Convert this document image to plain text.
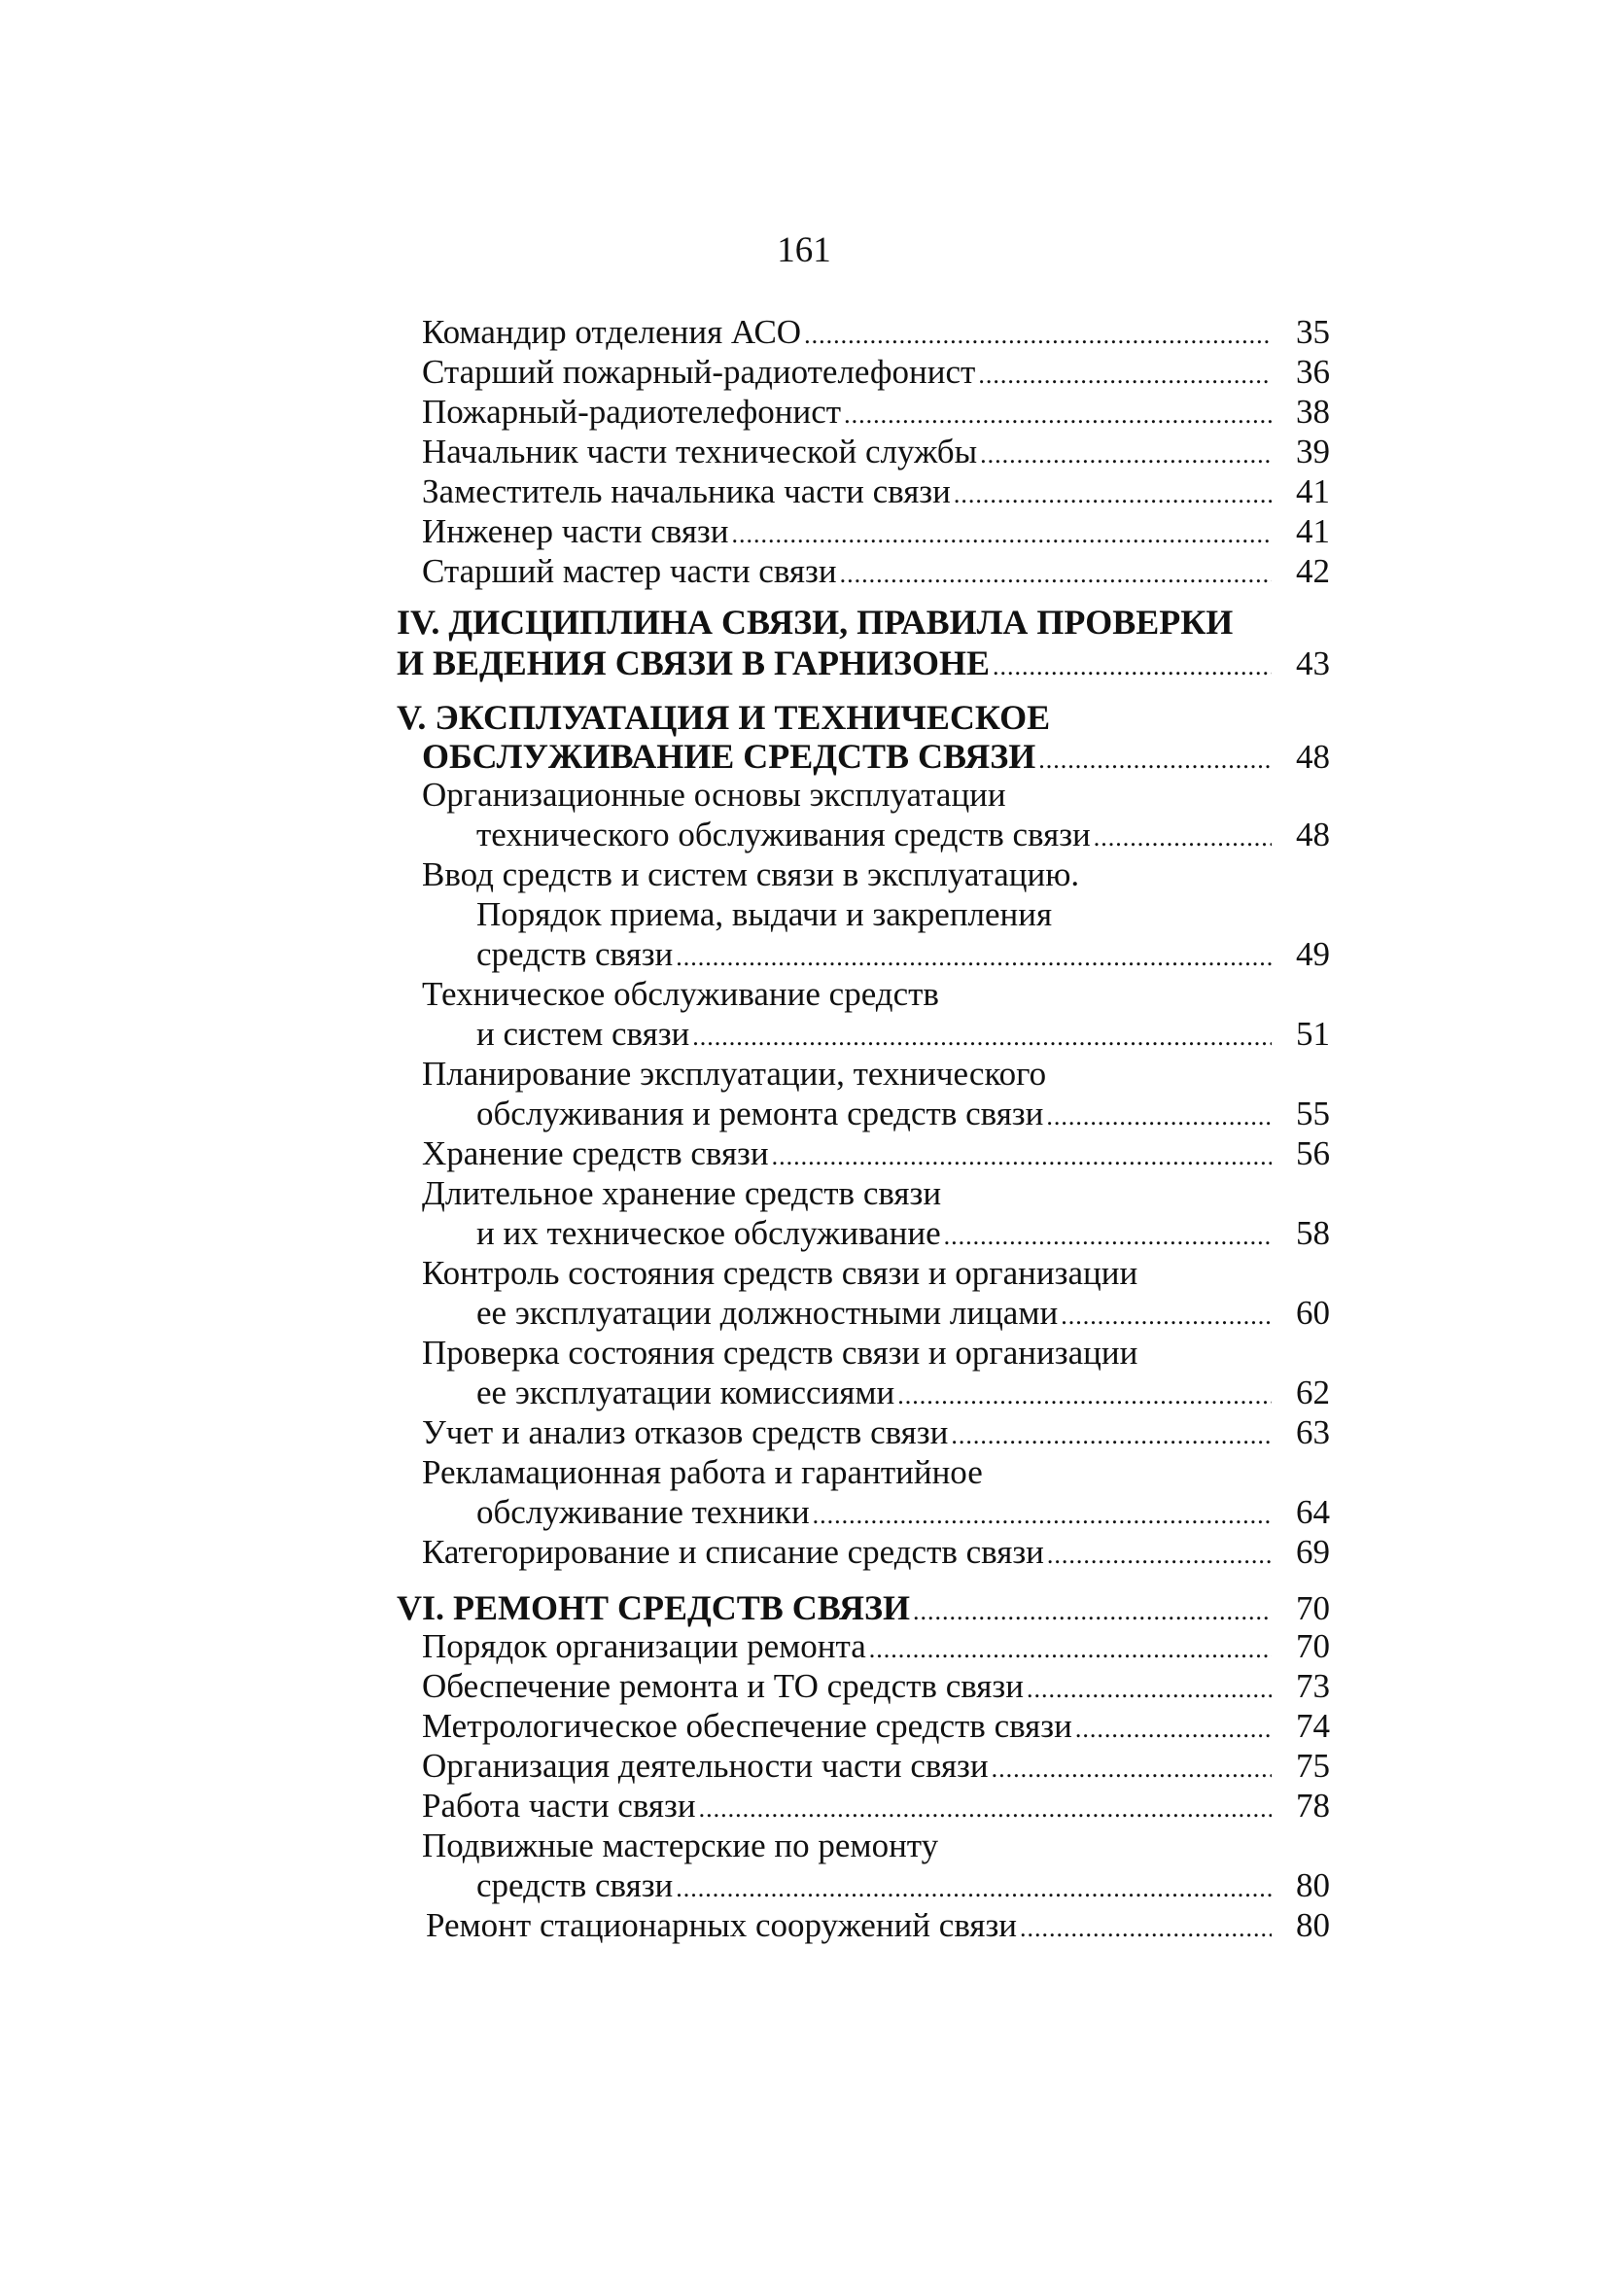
161
Командир отделения АСО .....	35
Старший пожарный-радиотелефонист .....	36
Пожарный-радиотелефонист .....	38
Начальник части технической службы .....	39
Заместитель начальника части связи .....	41
Инженер части связи .....	41
Старший мастер части связи .....	42
IV. ДИСЦИПЛИНА СВЯЗИ, ПРАВИЛА ПРОВЕРКИ
И ВЕДЕНИЯ СВЯЗИ В ГАРНИЗОНЕ .....	43
V. ЭКСПЛУАТАЦИЯ И ТЕХНИЧЕСКОЕ
ОБСЛУЖИВАНИЕ СРЕДСТВ СВЯЗИ .....	48
Организационные основы эксплуатации
технического обслуживания средств связи .....	48
Ввод средств и систем связи в эксплуатацию.
Порядок приема, выдачи и закрепления
средств связи .....	49
Техническое обслуживание средств
и систем связи .....	51
Планирование эксплуатации, технического
обслуживания и ремонта средств связи .....	55
Хранение средств связи .....	56
Длительное хранение средств связи
и их техническое обслуживание .....	58
Контроль состояния средств связи и организации
ее эксплуатации должностными лицами .....	60
Проверка состояния средств связи и организации
ее эксплуатации комиссиями .....	62
Учет и анализ отказов средств связи .....	63
Рекламационная работа и гарантийное
обслуживание техники .....	64
Категорирование и списание средств связи .....	69
VI. РЕМОНТ СРЕДСТВ СВЯЗИ .....	70
Порядок организации ремонта .....	70
Обеспечение ремонта и ТО средств связи .....	73
Метрологическое обеспечение средств связи .....	74
Организация деятельности части связи .....	75
Работа части связи .....	78
Подвижные мастерские по ремонту
средств связи .....	80
Ремонт стационарных сооружений связи .....	80
